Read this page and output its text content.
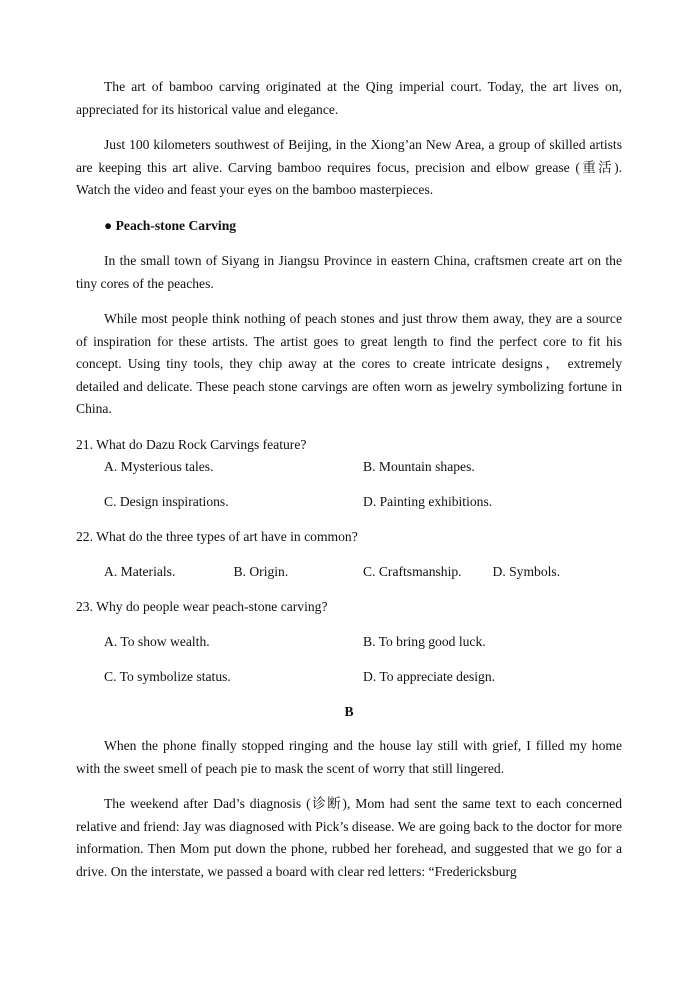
The art of bamboo carving originated at the Qing imperial court. Today, the art lives on, appreciated for its historical value and elegance.

Just 100 kilometers southwest of Beijing, in the Xiong’an New Area, a group of skilled artists are keeping this art alive. Carving bamboo requires focus, precision and elbow grease (重活). Watch the video and feast your eyes on the bamboo masterpieces.

● Peach-stone Carving

In the small town of Siyang in Jiangsu Province in eastern China, craftsmen create art on the tiny cores of the peaches.

While most people think nothing of peach stones and just throw them away, they are a source of inspiration for these artists. The artist goes to great length to find the perfect core to fit his concept. Using tiny tools, they chip away at the cores to create intricate designs， extremely detailed and delicate. These peach stone carvings are often worn as jewelry symbolizing fortune in China.

21. What do Dazu Rock Carvings feature?

A. Mysterious tales.	B. Mountain shapes.
C. Design inspirations.	D. Painting exhibitions.

22. What do the three types of art have in common?

A. Materials.	B. Origin.	C. Craftsmanship.	D. Symbols.

23. Why do people wear peach-stone carving?

A. To show wealth.	B. To bring good luck.
C. To symbolize status.	D. To appreciate design.
B

When the phone finally stopped ringing and the house lay still with grief, I filled my home with the sweet smell of peach pie to mask the scent of worry that still lingered.

The weekend after Dad’s diagnosis (诊断), Mom had sent the same text to each concerned relative and friend: Jay was diagnosed with Pick’s disease. We are going back to the doctor for more information. Then Mom put down the phone, rubbed her forehead, and suggested that we go for a drive. On the interstate, we passed a board with clear red letters: “Fredericksburg
